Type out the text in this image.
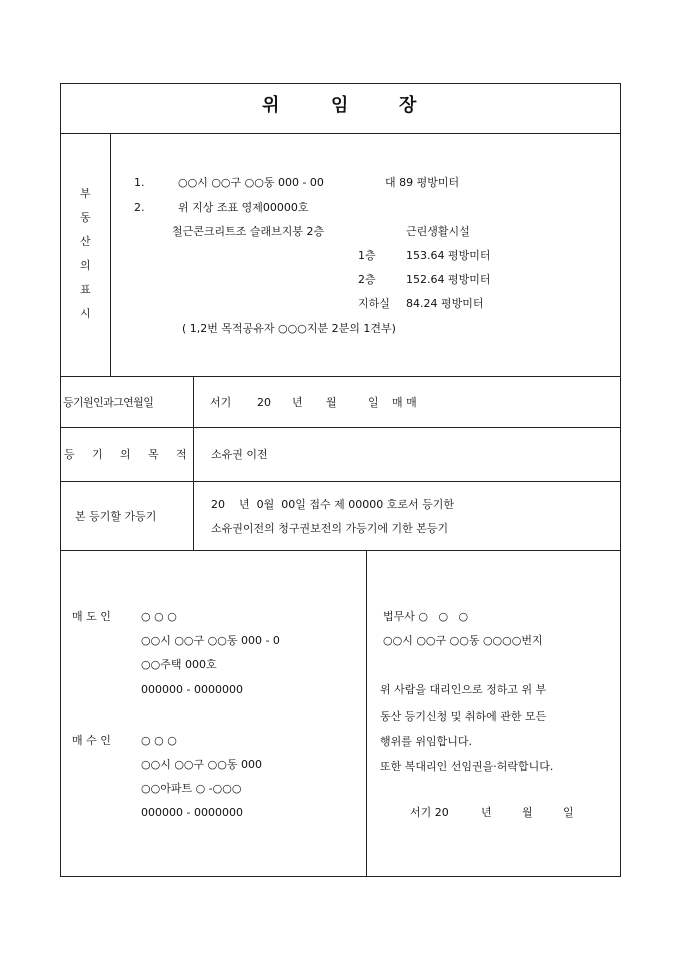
위	임	장
부
동
산
의
표
시
1.	○○시 ○○구 ○○동 000 - 00	대 89 평방미터
2.	위 지상 조표 영제00000호
철근콘크리트조 슬래브지붕 2층	근린생활시설
1층	153.64 평방미터
2층	152.64 평방미터
지하실 84.24 평방미터
( 1,2번 목적공유자 ○○○지분 2분의 1견부)
등기원인과그연월일	서기 20 년 월	일 매 매
등 기 의 목 적 소유권 이전
본 등기할 가등기
20    년  0월  00일 접수 제 00000 호로서 등기한
소유권이전의 청구권보전의 가등기에 기한 본등기
매 도 인	○ ○ ○
○○시 ○○구 ○○동 000 - 0
○○주택 000호
000000 - 0000000
매 수 인	○ ○ ○
○○시 ○○구 ○○동 000
○○아파트 ○ -○○○
000000 - 0000000
법무사 ○   ○   ○
○○시 ○○구 ○○동 ○○○○번지
위 사람을 대리인으로 정하고 위 부
동산 등기신청 및 취하에 관한 모든
행위를 위임합니다.
또한 복대리인 선임권을·허락합니다.
서기 20	년	월	일
